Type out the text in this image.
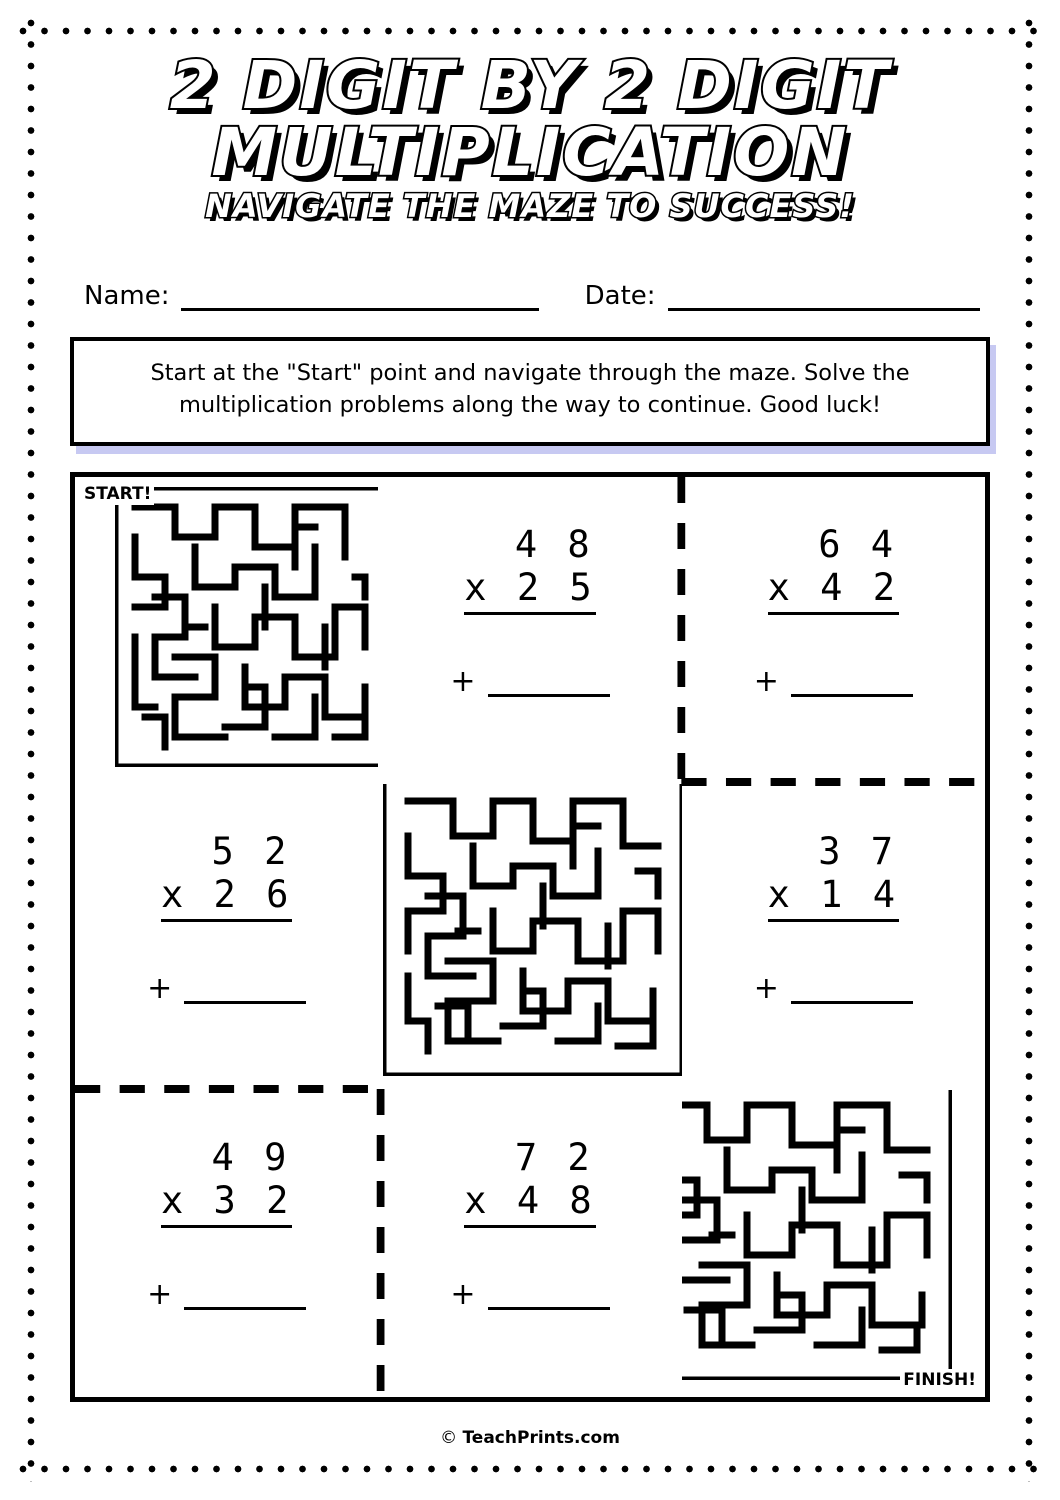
2 DIGIT BY 2 DIGIT
MULTIPLICATION
NAVIGATE THE MAZE TO SUCCESS!
Name:	Date:
Start at the "Start" point and navigate through the maze. Solve the multiplication problems along the way to continue. Good luck!
START!
4 8
x 2 5
+
6 4
x 4 2
+
5 2
x 2 6
+
3 7
x 1 4
+
4 9
x 3 2
+
7 2
x 4 8
+
FINISH!
© TeachPrints.com
